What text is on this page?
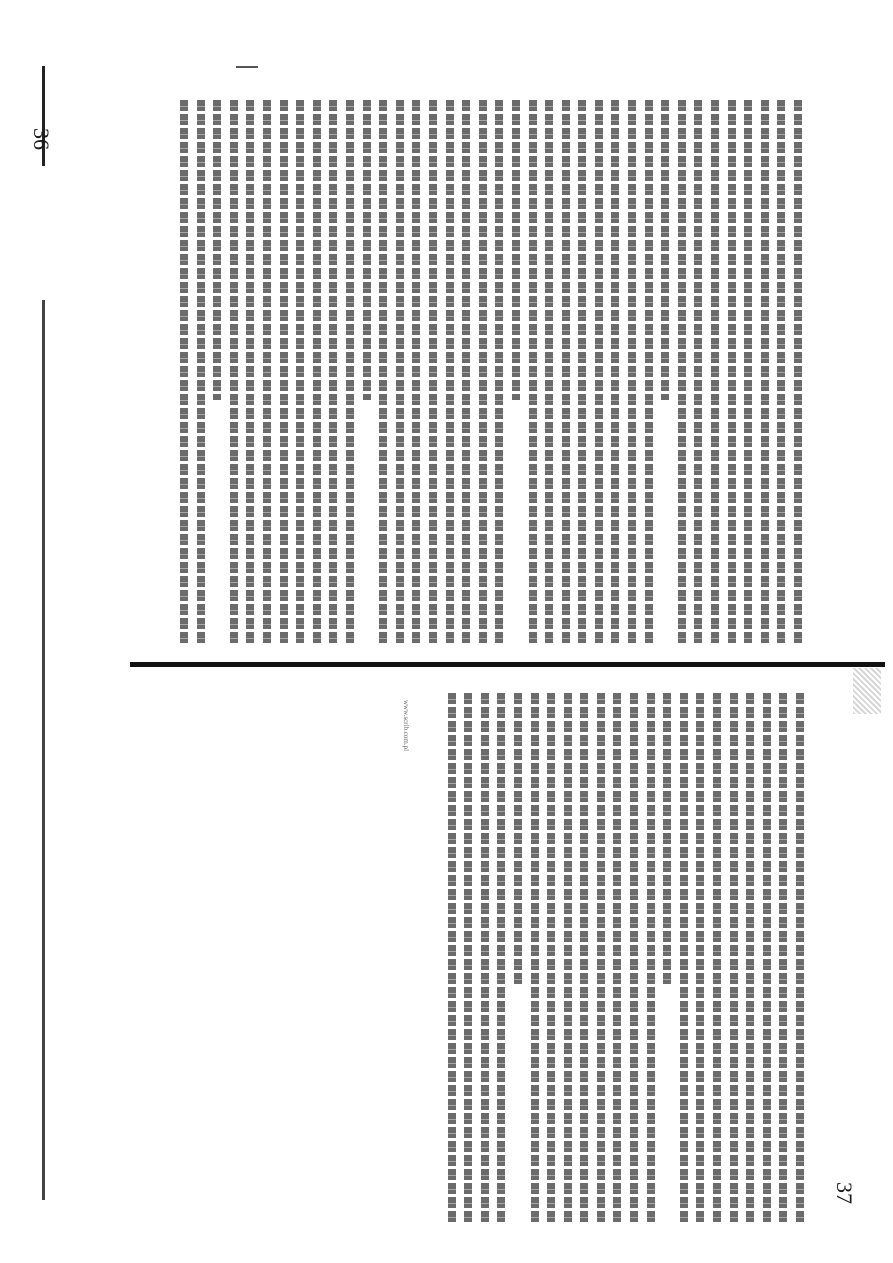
36
37
www.scrib.com.pl
